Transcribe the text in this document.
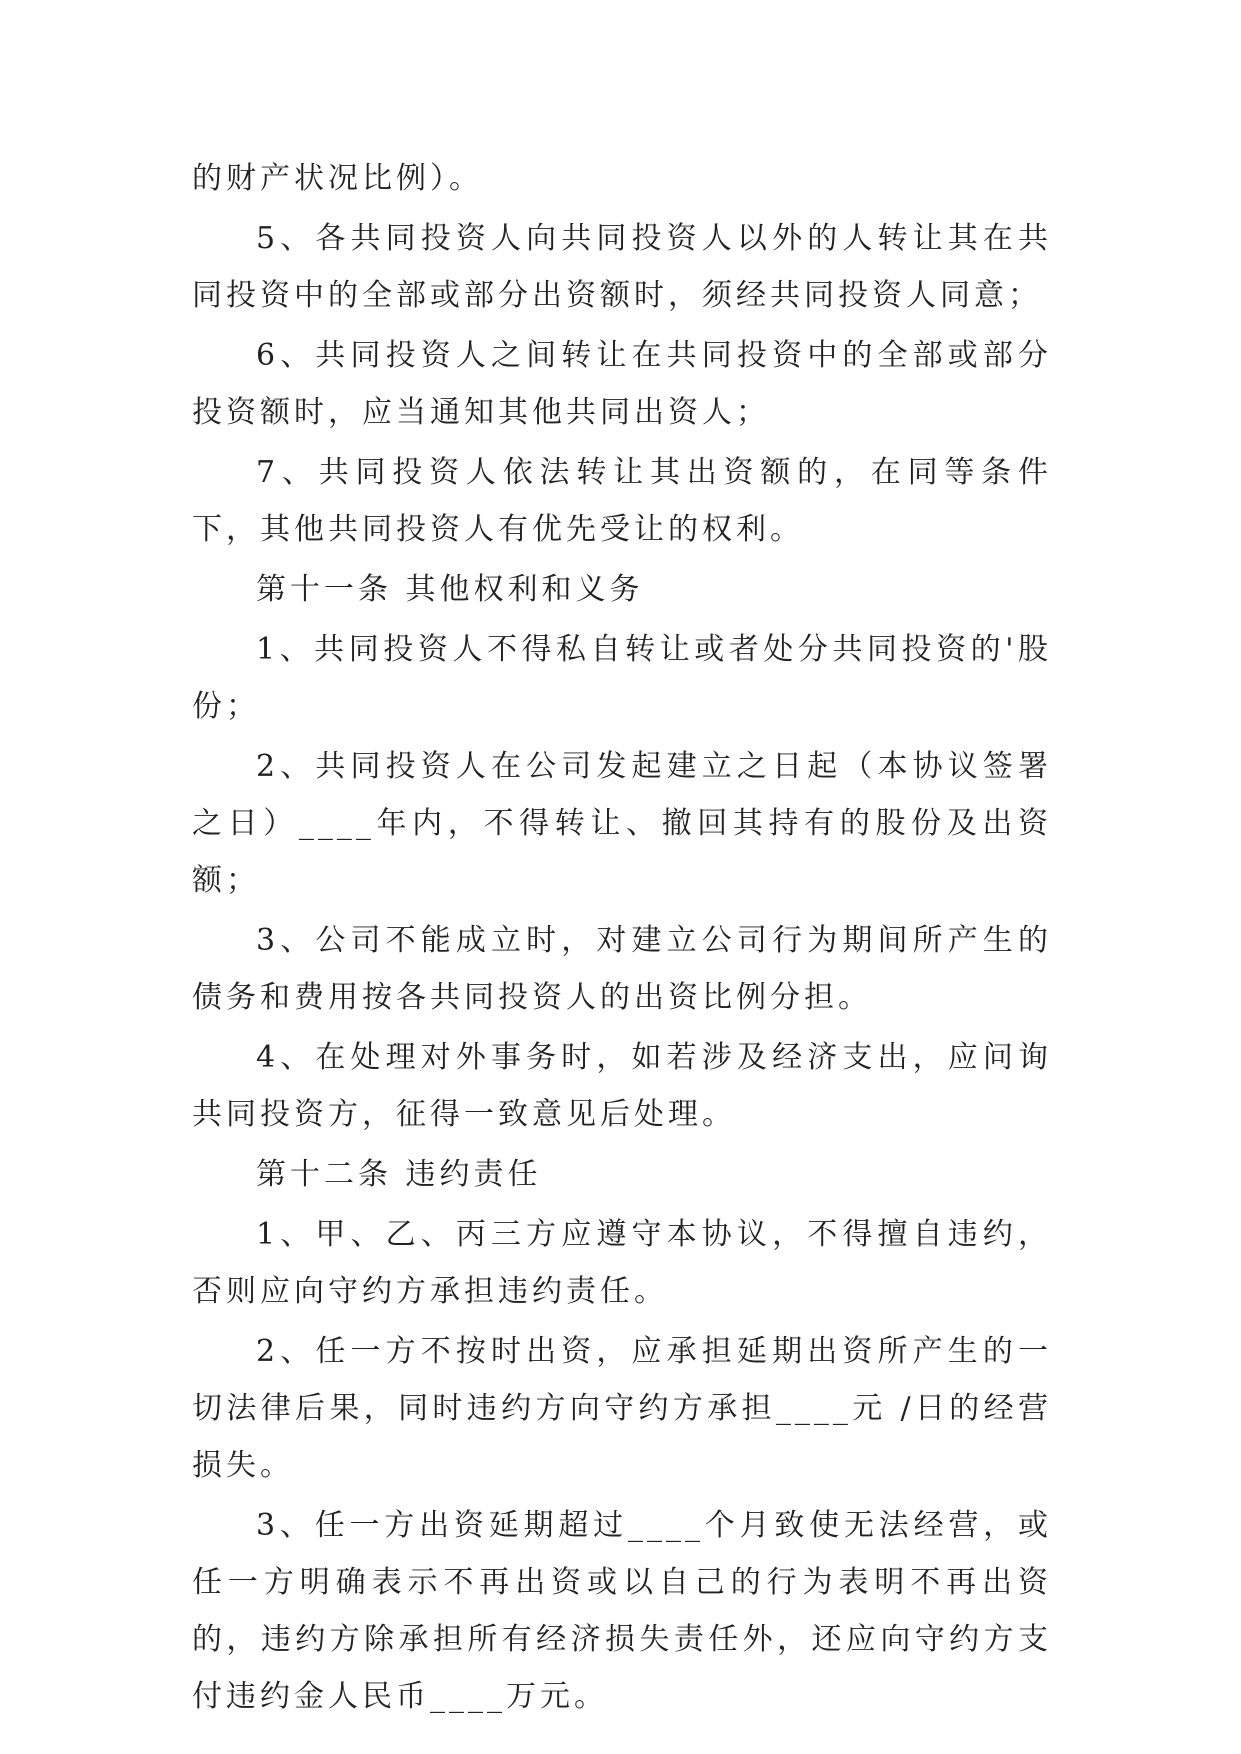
的财产状况比例）。

5、各共同投资人向共同投资人以外的人转让其在共同投资中的全部或部分出资额时，须经共同投资人同意；

6、共同投资人之间转让在共同投资中的全部或部分投资额时，应当通知其他共同出资人；

7、共同投资人依法转让其出资额的，在同等条件下，其他共同投资人有优先受让的权利。

第十一条 其他权利和义务

1、共同投资人不得私自转让或者处分共同投资的'股份；

2、共同投资人在公司发起建立之日起（本协议签署之日）____年内，不得转让、撤回其持有的股份及出资额；

3、公司不能成立时，对建立公司行为期间所产生的债务和费用按各共同投资人的出资比例分担。

4、在处理对外事务时，如若涉及经济支出，应问询共同投资方，征得一致意见后处理。

第十二条 违约责任

1、甲、乙、丙三方应遵守本协议，不得擅自违约，否则应向守约方承担违约责任。

2、任一方不按时出资，应承担延期出资所产生的一切法律后果，同时违约方向守约方承担____元 /日的经营损失。

3、任一方出资延期超过____个月致使无法经营，或任一方明确表示不再出资或以自己的行为表明不再出资的，违约方除承担所有经济损失责任外，还应向守约方支付违约金人民币____万元。
